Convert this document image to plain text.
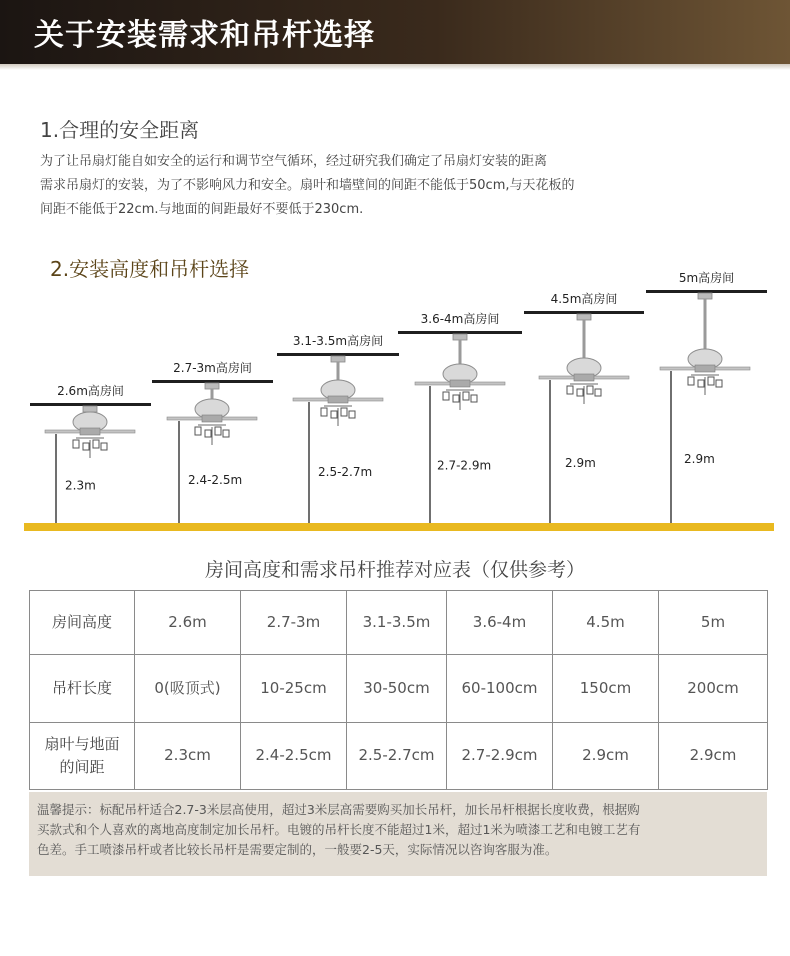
关于安装需求和吊杆选择
1.合理的安全距离
为了让吊扇灯能自如安全的运行和调节空气循环，经过研究我们确定了吊扇灯安装的距离
需求吊扇灯的安装，为了不影响风力和安全。扇叶和墙壁间的间距不能低于50cm,与天花板的
间距不能低于22cm.与地面的间距最好不要低于230cm.
2.安装高度和吊杆选择
2.6m高房间
2.3m
2.7-3m高房间
2.4-2.5m
3.1-3.5m高房间
2.5-2.7m
3.6-4m高房间
2.7-2.9m
4.5m高房间
2.9m
5m高房间
2.9m
房间高度和需求吊杆推荐对应表（仅供参考）
房间高度	2.6m	2.7-3m	3.1-3.5m	3.6-4m	4.5m	5m

吊杆长度	0(吸顶式)	10-25cm	30-50cm	60-100cm	150cm	200cm

扇叶与地面
的间距	2.3cm	2.4-2.5cm	2.5-2.7cm	2.7-2.9cm	2.9cm	2.9cm
温馨提示：标配吊杆适合2.7-3米层高使用，超过3米层高需要购买加长吊杆，加长吊杆根据长度收费，根据购
买款式和个人喜欢的离地高度制定加长吊杆。电镀的吊杆长度不能超过1米，超过1米为喷漆工艺和电镀工艺有
色差。手工喷漆吊杆或者比较长吊杆是需要定制的，一般要2-5天，实际情况以咨询客服为准。
